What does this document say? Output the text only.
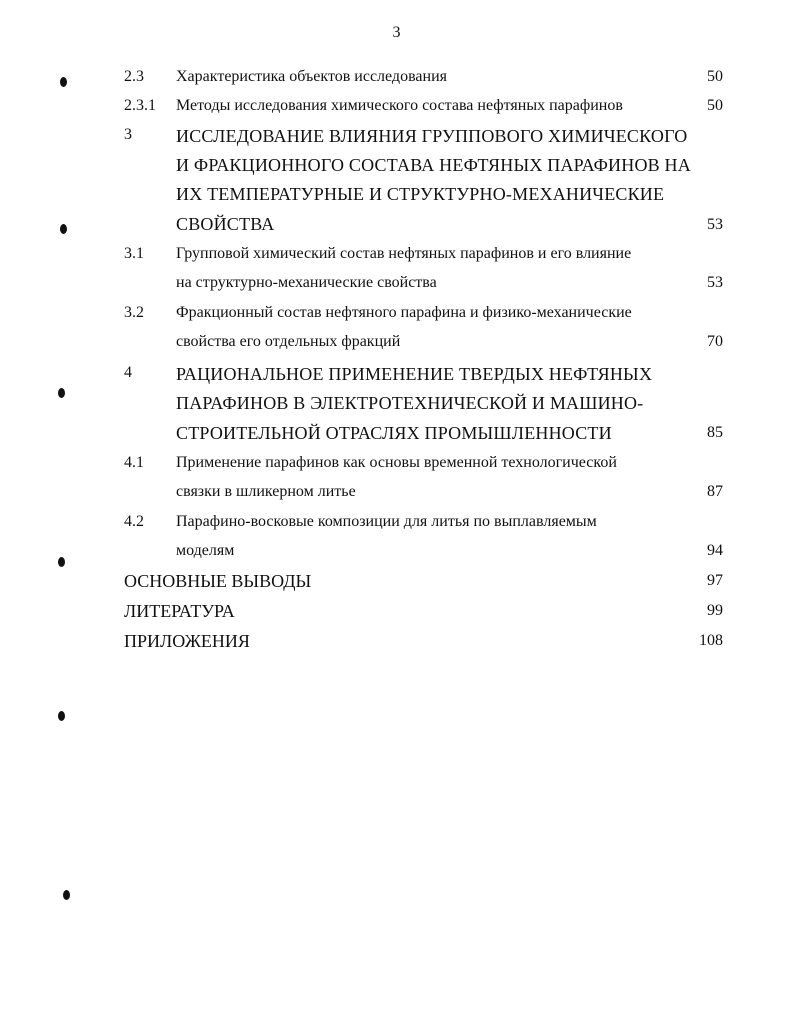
3
2.3 Характеристика объектов исследования	50
2.3.1 Методы исследования химического состава нефтяных парафинов	50
3 ИССЛЕДОВАНИЕ ВЛИЯНИЯ ГРУППОВОГО ХИМИЧЕСКОГО
И ФРАКЦИОННОГО СОСТАВА НЕФТЯНЫХ ПАРАФИНОВ НА
ИХ ТЕМПЕРАТУРНЫЕ И СТРУКТУРНО-МЕХАНИЧЕСКИЕ
СВОЙСТВА	53
3.1 Групповой химический состав нефтяных парафинов и его влияние
на структурно-механические свойства	53
3.2 Фракционный состав нефтяного парафина и физико-механические
свойства его отдельных фракций	70
4 РАЦИОНАЛЬНОЕ ПРИМЕНЕНИЕ ТВЕРДЫХ НЕФТЯНЫХ
ПАРАФИНОВ В ЭЛЕКТРОТЕХНИЧЕСКОЙ И МАШИНО-
СТРОИТЕЛЬНОЙ ОТРАСЛЯХ ПРОМЫШЛЕННОСТИ	85
4.1 Применение парафинов как основы временной технологической
связки в шликерном литье	87
4.2 Парафино-восковые композиции для литья по выплавляемым
моделям	94
ОСНОВНЫЕ ВЫВОДЫ	97
ЛИТЕРАТУРА	99
ПРИЛОЖЕНИЯ	108
